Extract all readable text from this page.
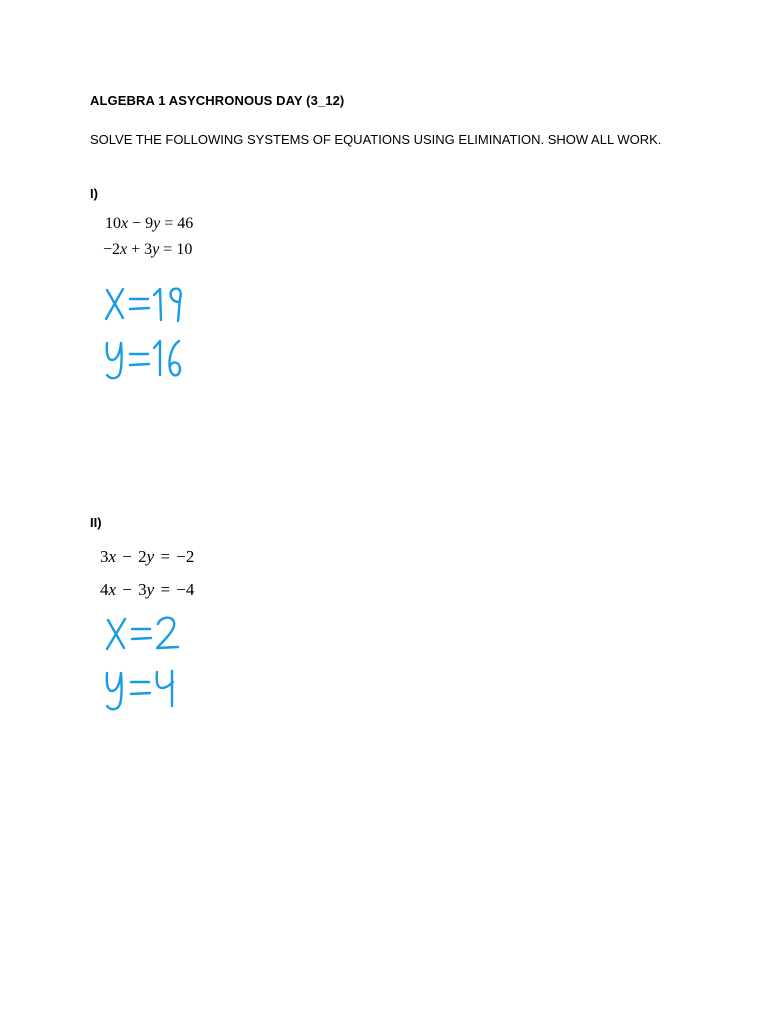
ALGEBRA 1 ASYCHRONOUS DAY (3_12)
SOLVE THE FOLLOWING SYSTEMS OF EQUATIONS USING ELIMINATION. SHOW ALL WORK.
I)
10x − 9y = 46
−2x + 3y = 10
II)
3x − 2y = −2
4x − 3y = −4
